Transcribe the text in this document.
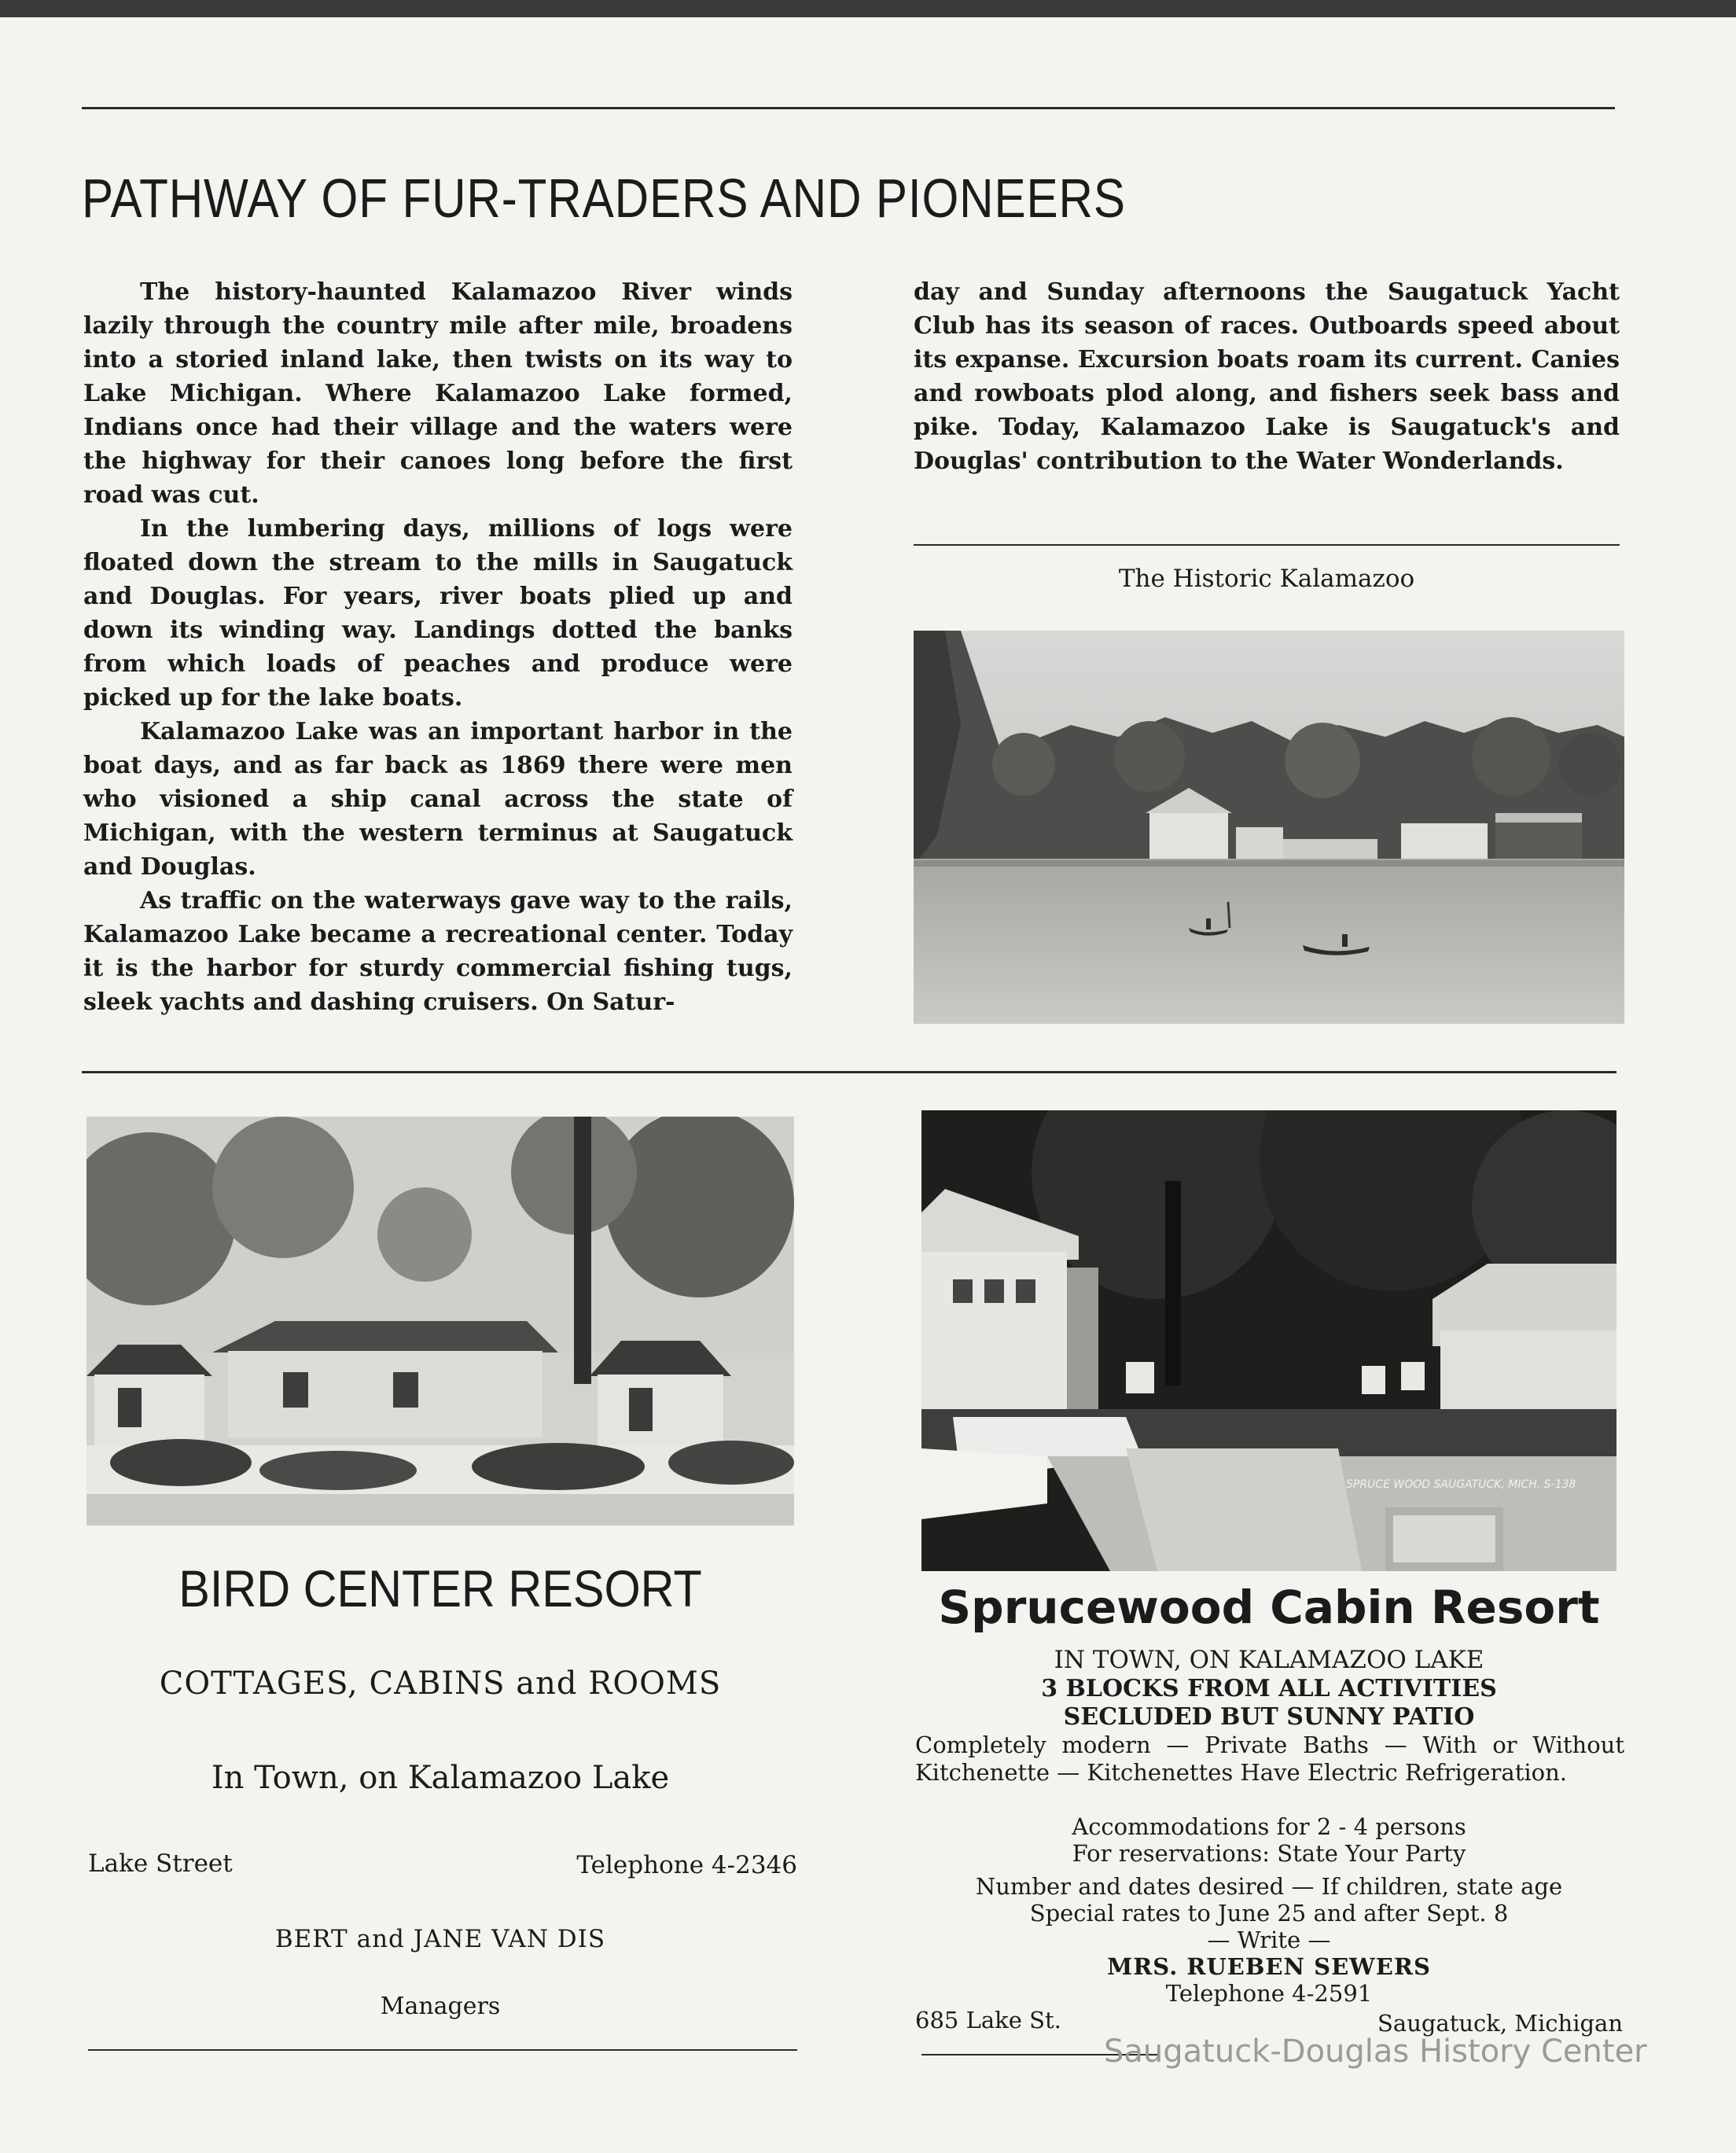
PATHWAY OF FUR-TRADERS AND PIONEERS

The history-haunted Kalamazoo River winds lazily through the country mile after mile, broadens into a storied inland lake, then twists on its way to Lake Michigan. Where Kalamazoo Lake formed, Indians once had their village and the waters were the highway for their canoes long before the first road was cut.

In the lumbering days, millions of logs were floated down the stream to the mills in Saugatuck and Douglas. For years, river boats plied up and down its winding way. Landings dotted the banks from which loads of peaches and produce were picked up for the lake boats.

Kalamazoo Lake was an important harbor in the boat days, and as far back as 1869 there were men who visioned a ship canal across the state of Michigan, with the western terminus at Saugatuck and Douglas.

As traffic on the waterways gave way to the rails, Kalamazoo Lake became a recreational center. Today it is the harbor for sturdy commercial fishing tugs, sleek yachts and dashing cruisers. On Satur-

day and Sunday afternoons the Saugatuck Yacht Club has its season of races. Outboards speed about its expanse. Excursion boats roam its current. Canies and rowboats plod along, and fishers seek bass and pike. Today, Kalamazoo Lake is Saugatuck's and Douglas' contribution to the Water Wonderlands.

The Historic Kalamazoo
BIRD CENTER RESORT
COTTAGES, CABINS and ROOMS
In Town, on Kalamazoo Lake
Lake Street	Telephone 4-2346
BERT and JANE VAN DIS
Managers
SPRUCE WOOD SAUGATUCK, MICH. S-138
Sprucewood Cabin Resort
IN TOWN, ON KALAMAZOO LAKE
3 BLOCKS FROM ALL ACTIVITIES
SECLUDED BUT SUNNY PATIO
Completely modern — Private Baths — With or Without Kitchenette — Kitchenettes Have Electric Refrigeration.
Accommodations for 2 - 4 persons
For reservations: State Your Party
Number and dates desired — If children, state age
Special rates to June 25 and after Sept. 8
— Write —
MRS. RUEBEN SEWERS
Telephone 4-2591
685 Lake St.	Saugatuck, Michigan
Saugatuck-Douglas History Center
